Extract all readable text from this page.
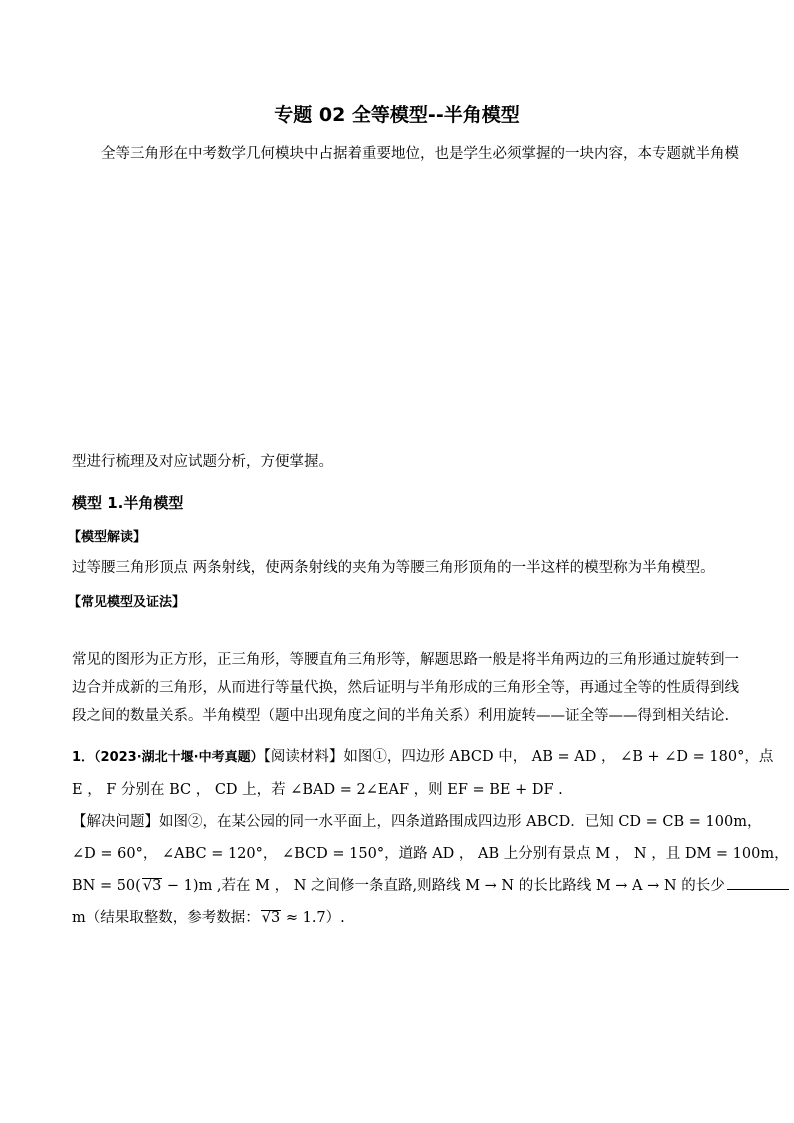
专题 02 全等模型--半角模型

全等三角形在中考数学几何模块中占据着重要地位，也是学生必须掌握的一块内容，本专题就半角模

型进行梳理及对应试题分析，方便掌握。

模型 1.半角模型
【模型解读】

过等腰三角形顶点 两条射线，使两条射线的夹角为等腰三角形顶角的一半这样的模型称为半角模型。

【常见模型及证法】

常见的图形为正方形，正三角形，等腰直角三角形等，解题思路一般是将半角两边的三角形通过旋转到一
边合并成新的三角形，从而进行等量代换，然后证明与半角形成的三角形全等，再通过全等的性质得到线
段之间的数量关系。半角模型（题中出现角度之间的半角关系）利用旋转——证全等——得到相关结论.

1．（2023·湖北十堰·中考真题）【阅读材料】如图①，四边形 ABCD 中， AB = AD ， ∠B + ∠D = 180°，点
E ， F 分别在 BC ， CD 上，若 ∠BAD = 2∠EAF ，则 EF = BE + DF .
【解决问题】如图②，在某公园的同一水平面上，四条道路围成四边形 ABCD．已知 CD = CB = 100m，
∠D = 60°， ∠ABC = 120°， ∠BCD = 150°，道路 AD ， AB 上分别有景点 M ， N ，且 DM = 100m，
BN = 50( √3 − 1)m ,若在 M ， N 之间修一条直路,则路线 M → N 的长比路线 M → A → N 的长少
m（结果取整数，参考数据： √3 ≈ 1.7）.
